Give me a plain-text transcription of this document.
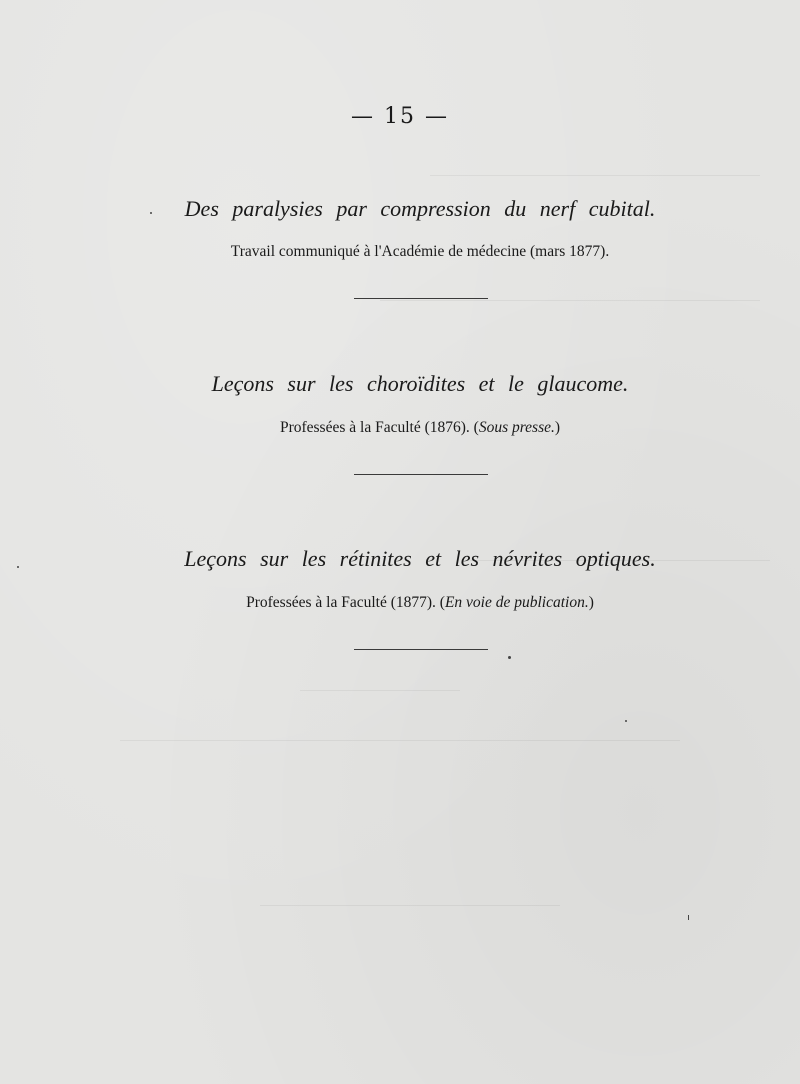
— 15 —
Des paralysies par compression du nerf cubital.
Travail communiqué à l'Académie de médecine (mars 1877).
Leçons sur les choroïdites et le glaucome.
Professées à la Faculté (1876). (Sous presse.)
Leçons sur les rétinites et les névrites optiques.
Professées à la Faculté (1877). (En voie de publication.)
